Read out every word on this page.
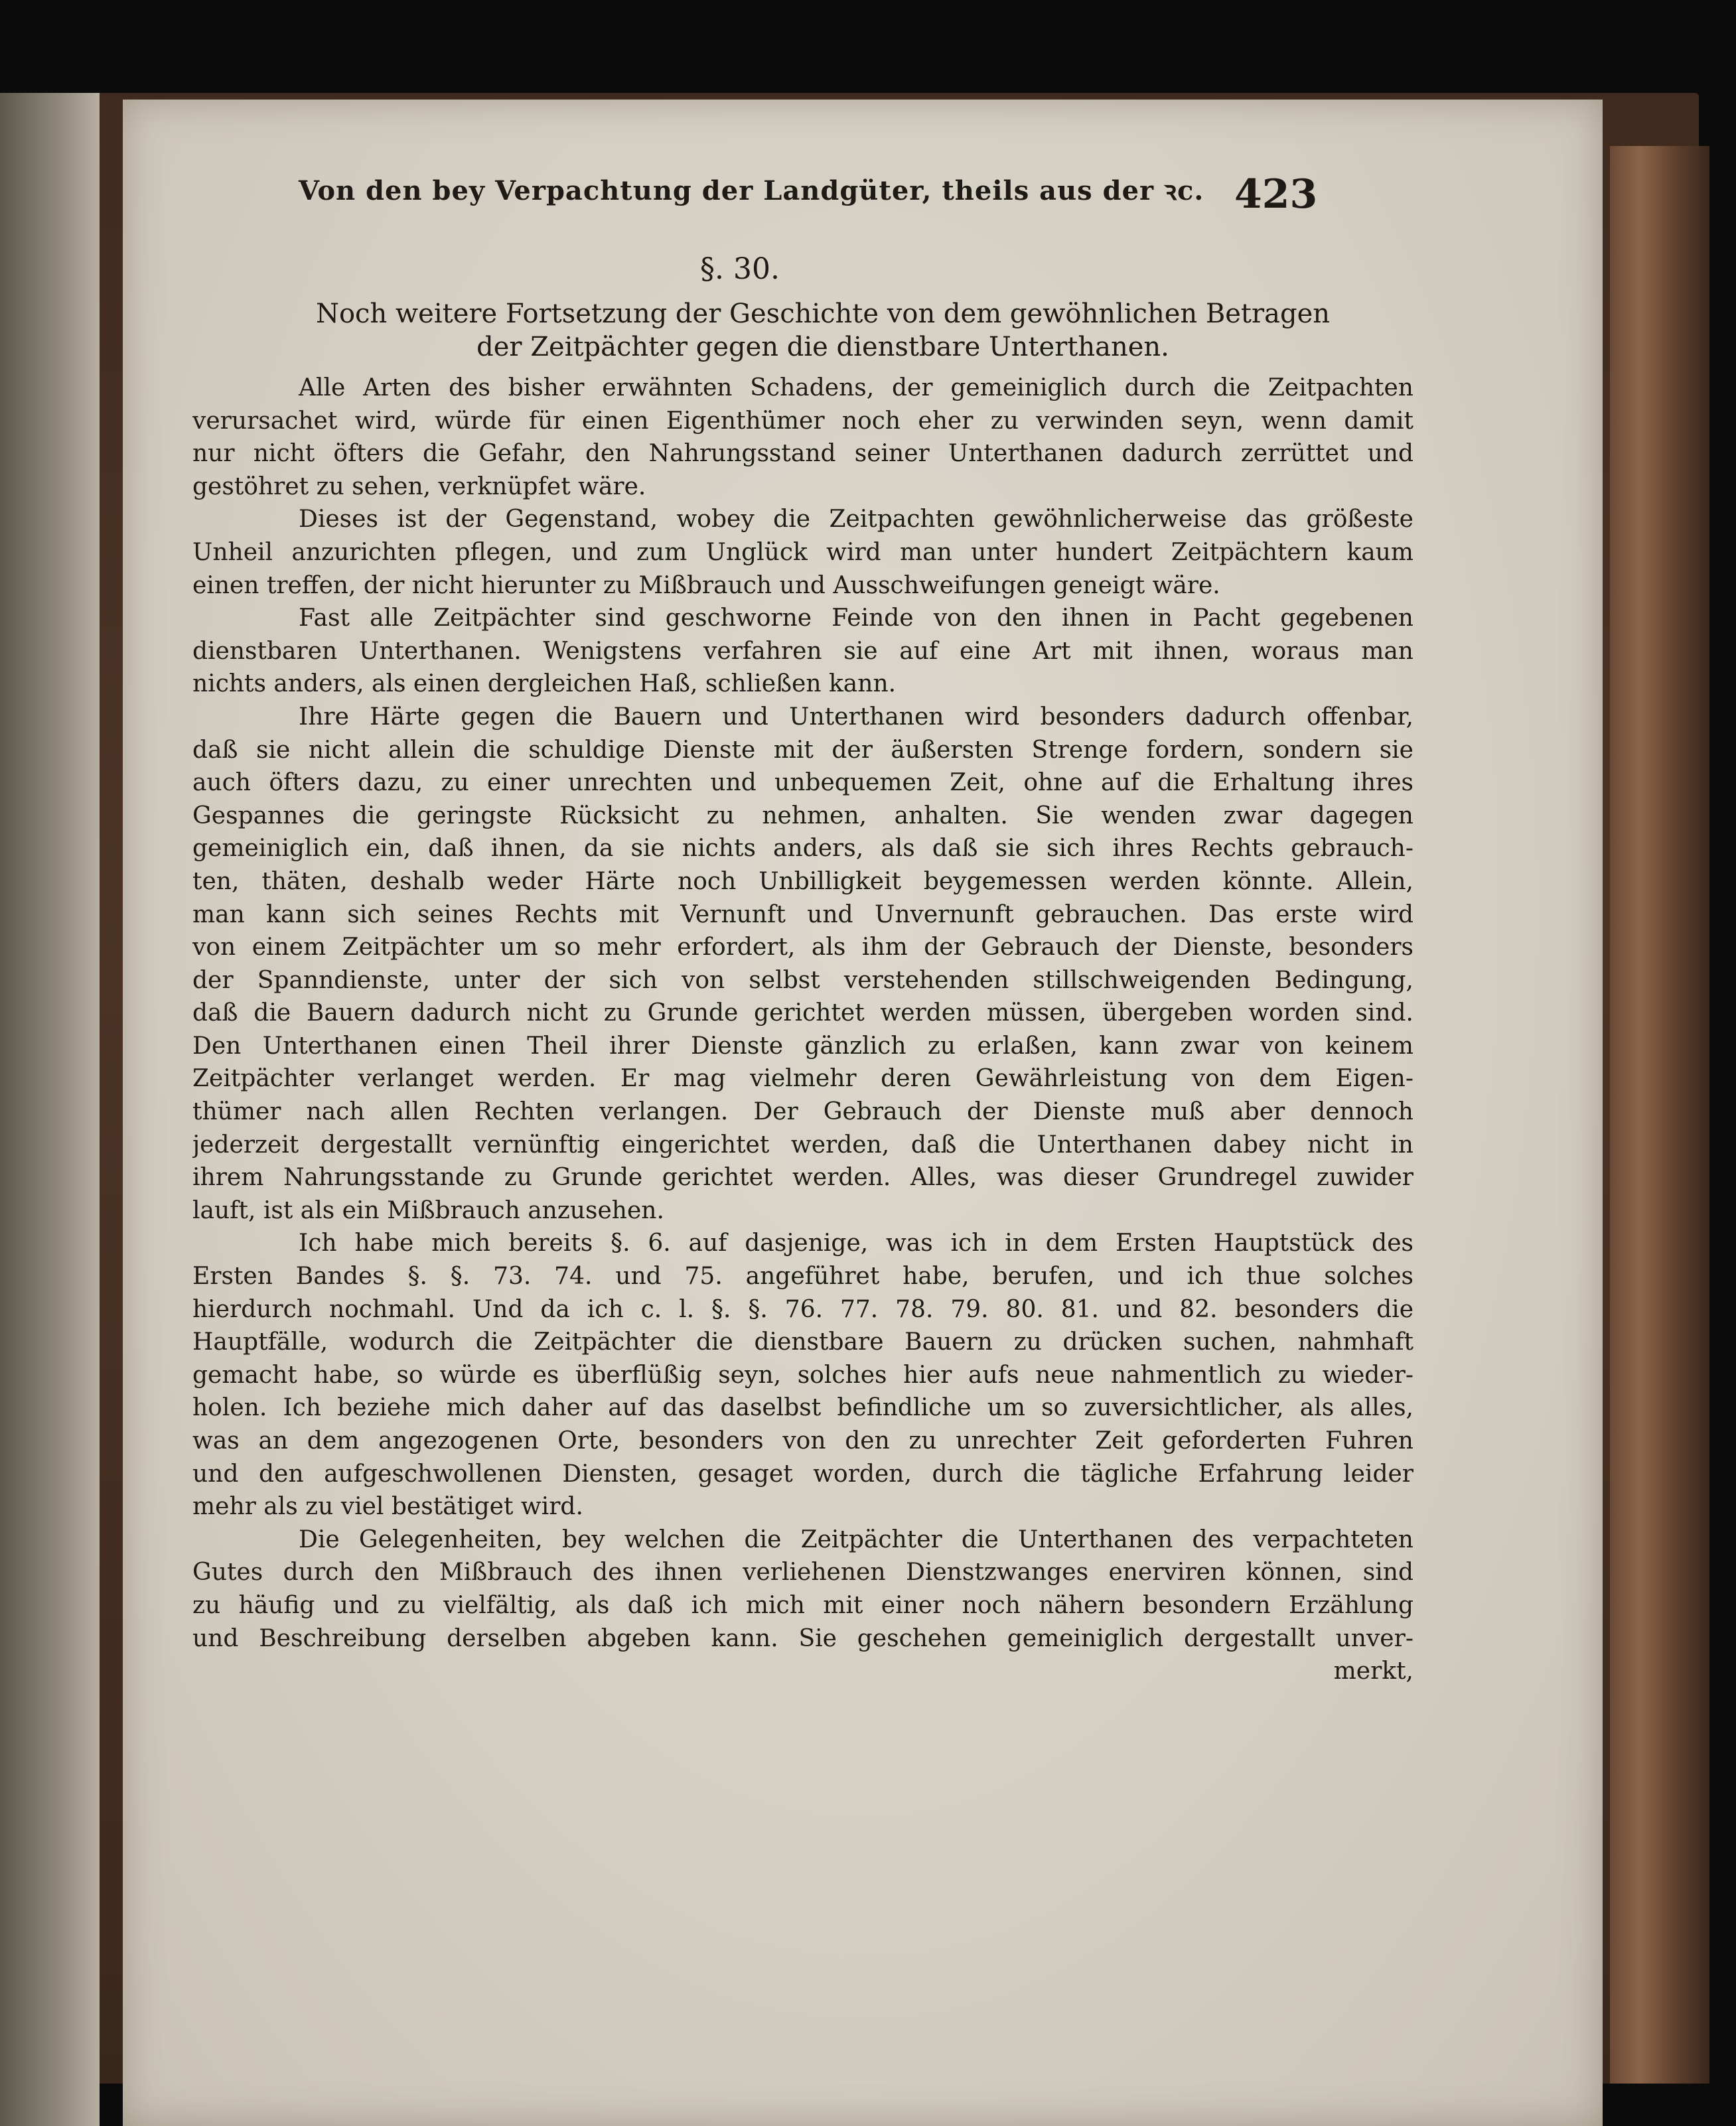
Von den bey Verpachtung der Landgüter, theils aus der ꝛc. 423
§. 30.
Noch weitere Fortsetzung der Geschichte von dem gewöhnlichen Betragen der Zeitpächter gegen die dienstbare Unterthanen.
Alle Arten des bisher erwähnten Schadens, der gemeiniglich durch die Zeitpachten
verursachet wird, würde für einen Eigenthümer noch eher zu verwinden seyn, wenn damit
nur nicht öfters die Gefahr, den Nahrungsstand seiner Unterthanen dadurch zerrüttet und
gestöhret zu sehen, verknüpfet wäre.
Dieses ist der Gegenstand, wobey die Zeitpachten gewöhnlicherweise das größeste
Unheil anzurichten pflegen, und zum Unglück wird man unter hundert Zeitpächtern kaum
einen treffen, der nicht hierunter zu Mißbrauch und Ausschweifungen geneigt wäre.
Fast alle Zeitpächter sind geschworne Feinde von den ihnen in Pacht gegebenen
dienstbaren Unterthanen. Wenigstens verfahren sie auf eine Art mit ihnen, woraus man
nichts anders, als einen dergleichen Haß, schließen kann.
Ihre Härte gegen die Bauern und Unterthanen wird besonders dadurch offenbar,
daß sie nicht allein die schuldige Dienste mit der äußersten Strenge fordern, sondern sie
auch öfters dazu, zu einer unrechten und unbequemen Zeit, ohne auf die Erhaltung ihres
Gespannes die geringste Rücksicht zu nehmen, anhalten. Sie wenden zwar dagegen
gemeiniglich ein, daß ihnen, da sie nichts anders, als daß sie sich ihres Rechts gebrauch-
ten, thäten, deshalb weder Härte noch Unbilligkeit beygemessen werden könnte. Allein,
man kann sich seines Rechts mit Vernunft und Unvernunft gebrauchen. Das erste wird
von einem Zeitpächter um so mehr erfordert, als ihm der Gebrauch der Dienste, besonders
der Spanndienste, unter der sich von selbst verstehenden stillschweigenden Bedingung,
daß die Bauern dadurch nicht zu Grunde gerichtet werden müssen, übergeben worden sind.
Den Unterthanen einen Theil ihrer Dienste gänzlich zu erlaßen, kann zwar von keinem
Zeitpächter verlanget werden. Er mag vielmehr deren Gewährleistung von dem Eigen-
thümer nach allen Rechten verlangen. Der Gebrauch der Dienste muß aber dennoch
jederzeit dergestallt vernünftig eingerichtet werden, daß die Unterthanen dabey nicht in
ihrem Nahrungsstande zu Grunde gerichtet werden. Alles, was dieser Grundregel zuwider
lauft, ist als ein Mißbrauch anzusehen.
Ich habe mich bereits §. 6. auf dasjenige, was ich in dem Ersten Hauptstück des
Ersten Bandes §. §. 73. 74. und 75. angeführet habe, berufen, und ich thue solches
hierdurch nochmahl. Und da ich c. l. §. §. 76. 77. 78. 79. 80. 81. und 82. besonders die
Hauptfälle, wodurch die Zeitpächter die dienstbare Bauern zu drücken suchen, nahmhaft
gemacht habe, so würde es überflüßig seyn, solches hier aufs neue nahmentlich zu wieder-
holen. Ich beziehe mich daher auf das daselbst befindliche um so zuversichtlicher, als alles,
was an dem angezogenen Orte, besonders von den zu unrechter Zeit geforderten Fuhren
und den aufgeschwollenen Diensten, gesaget worden, durch die tägliche Erfahrung leider
mehr als zu viel bestätiget wird.
Die Gelegenheiten, bey welchen die Zeitpächter die Unterthanen des verpachteten
Gutes durch den Mißbrauch des ihnen verliehenen Dienstzwanges enerviren können, sind
zu häufig und zu vielfältig, als daß ich mich mit einer noch nähern besondern Erzählung
und Beschreibung derselben abgeben kann. Sie geschehen gemeiniglich dergestallt unver-
merkt,
